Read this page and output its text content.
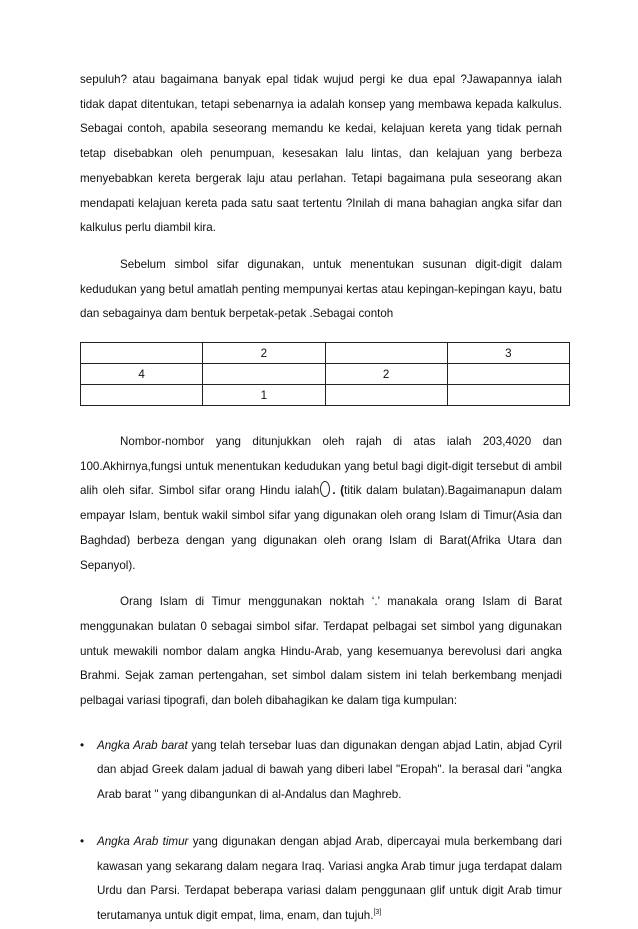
sepuluh? atau bagaimana banyak epal tidak wujud pergi ke dua epal ?Jawapannya ialah tidak dapat ditentukan, tetapi sebenarnya ia adalah konsep yang membawa kepada kalkulus. Sebagai contoh, apabila seseorang memandu ke kedai, kelajuan kereta yang tidak pernah tetap disebabkan oleh penumpuan, kesesakan lalu lintas, dan kelajuan yang berbeza menyebabkan kereta bergerak laju atau perlahan. Tetapi bagaimana pula seseorang akan mendapati kelajuan kereta pada satu saat tertentu ?Inilah di mana bahagian angka sifar dan kalkulus perlu diambil kira.

Sebelum simbol sifar digunakan, untuk menentukan susunan digit-digit dalam kedudukan yang betul amatlah penting mempunyai kertas atau kepingan-kepingan kayu, batu dan sebagainya dam bentuk berpetak-petak .Sebagai contoh

	2		3
4		2	
	1		

Nombor-nombor yang ditunjukkan oleh rajah di atas ialah 203,4020 dan 100.Akhirnya,fungsi untuk menentukan kedudukan yang betul bagi digit-digit tersebut di ambil alih oleh sifar. Simbol sifar orang Hindu ialah . (titik dalam bulatan).Bagaimanapun dalam empayar Islam, bentuk wakil simbol sifar yang digunakan oleh orang Islam di Timur(Asia dan Baghdad) berbeza dengan yang digunakan oleh orang Islam di Barat(Afrika Utara dan Sepanyol).

Orang Islam di Timur menggunakan noktah ‘.’ manakala orang Islam di Barat menggunakan bulatan 0 sebagai simbol sifar. Terdapat pelbagai set simbol yang digunakan untuk mewakili nombor dalam angka Hindu-Arab, yang kesemuanya berevolusi dari angka Brahmi. Sejak zaman pertengahan, set simbol dalam sistem ini telah berkembang menjadi pelbagai variasi tipografi, dan boleh dibahagikan ke dalam tiga kumpulan:

• Angka Arab barat yang telah tersebar luas dan digunakan dengan abjad Latin, abjad Cyril dan abjad Greek dalam jadual di bawah yang diberi label "Eropah". Ia berasal dari "angka Arab barat " yang dibangunkan di al-Andalus dan Maghreb.

• Angka Arab timur yang digunakan dengan abjad Arab, dipercayai mula berkembang dari kawasan yang sekarang dalam negara Iraq. Variasi angka Arab timur juga terdapat dalam Urdu dan Parsi. Terdapat beberapa variasi dalam penggunaan glif untuk digit Arab timur terutamanya untuk digit empat, lima, enam, dan tujuh.[3]
